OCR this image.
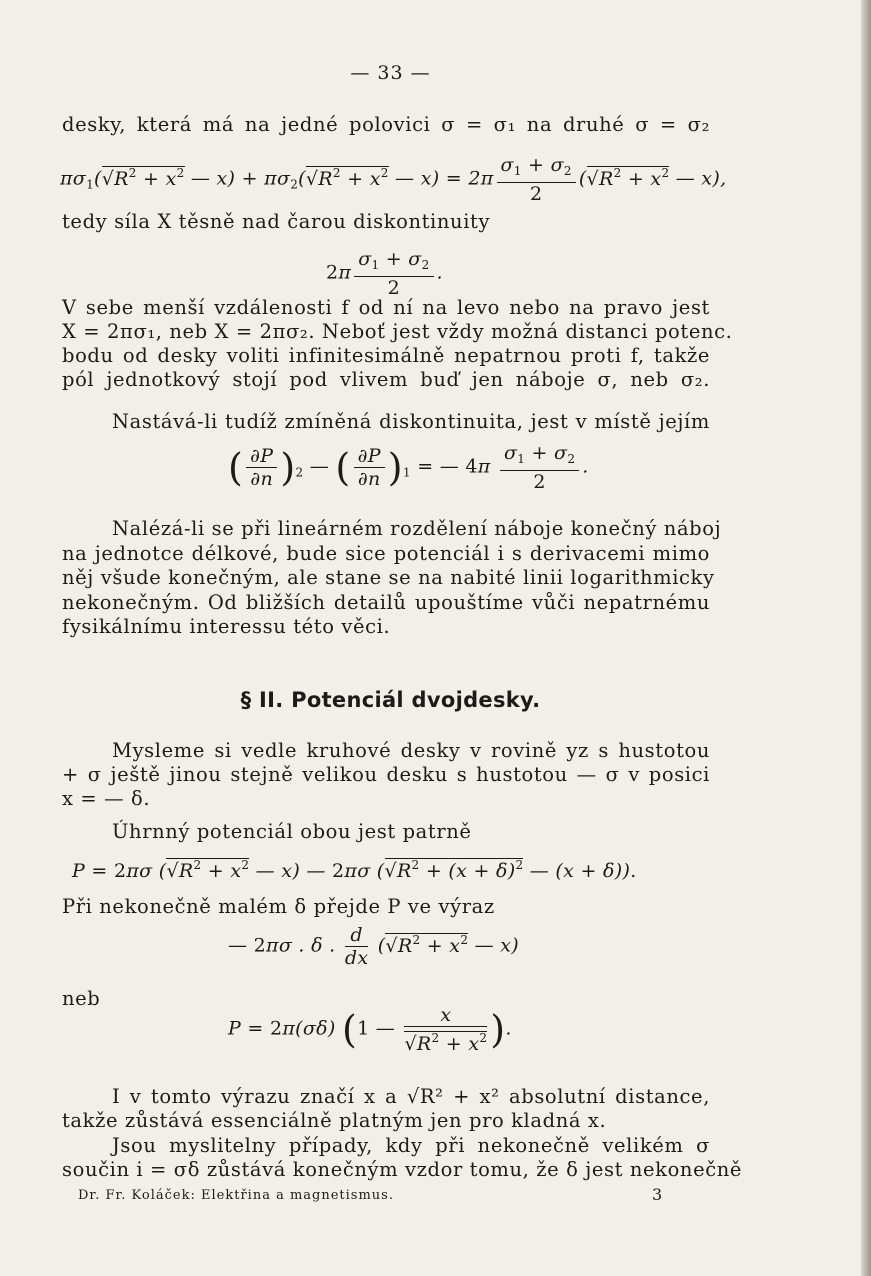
— 33 —
desky, která má na jedné polovici σ = σ₁ na druhé σ = σ₂
$\pi\sigma_1(√R^2 + x^2$ — $x) + \pi\sigma_2(√R^2 + x^2$ — $x) = 2\pi \frac{\sigma_1 + \sigma_2}{2} (√R^2 + x^2$ — x),
tedy síla X těsně nad čarou diskontinuity
$2\pi \frac{\sigma_1 + \sigma_2}{2}$ .
V sebe menší vzdálenosti f od ní na levo nebo na pravo jest
X = 2πσ₁, neb X = 2πσ₂. Neboť jest vždy možná distanci potenc.
bodu od desky voliti infinitesimálně nepatrnou proti f, takže
pól jednotkový stojí pod vlivem buď jen náboje σ, neb σ₂.
Nastává-li tudíž zmíněná diskontinuita, jest v místě jejím
( $\frac{\partial P}{\partial n} )_2$ — ( $\frac{\partial P}{\partial n} )_1$ = — $4\pi \frac{\sigma_1 + \sigma_2}{2}$ .
Nalézá-li se při lineárném rozdělení náboje konečný náboj
na jednotce délkové, bude sice potenciál i s derivacemi mimo
něj všude konečným, ale stane se na nabité linii logarithmicky
nekonečným. Od bližších detailů upouštíme vůči nepatrnému
fysikálnímu interessu této věci.
§ II. Potenciál dvojdesky.
Mysleme si vedle kruhové desky v rovině yz s hustotou
+ σ ještě jinou stejně velikou desku s hustotou — σ v posici
x = — δ.
Úhrnný potenciál obou jest patrně
P = 2πσ ($√R^2 + x^2$ — x) — 2πσ ($√R^2 + (x + \delta)^2$ — (x + δ)).
Při nekonečně malém δ přejde P ve výraz
— 2πσ . δ . $\frac{d}{dx} (√R^2 + x^2$ — x)
neb
P = 2π(σδ) (1 — $\frac{x}{√R^2 + x^2}$ ).
I v tomto výrazu značí x a √R² + x² absolutní distance,
takže zůstává essenciálně platným jen pro kladná x.
Jsou myslitelny případy, kdy při nekonečně velikém σ
součin i = σδ zůstává konečným vzdor tomu, že δ jest nekonečně
Dr. Fr. Koláček: Elektřina a magnetismus.	3
